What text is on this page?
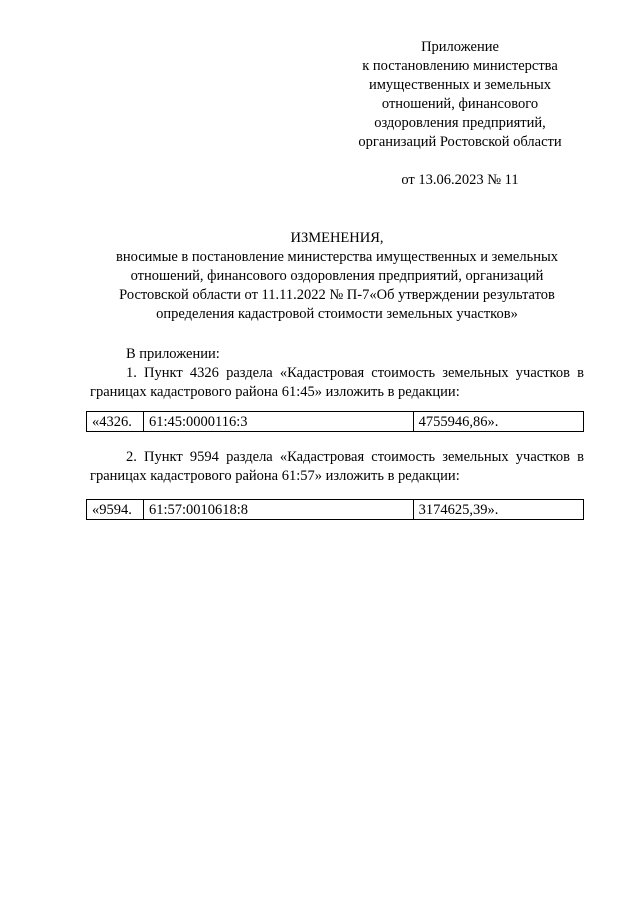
Приложение
к постановлению министерства
имущественных и земельных
отношений, финансового
оздоровления предприятий,
организаций Ростовской области
от 13.06.2023 № 11
ИЗМЕНЕНИЯ,
вносимые в постановление министерства имущественных и земельных
отношений, финансового оздоровления предприятий, организаций
Ростовской области от 11.11.2022 № П-7«Об утверждении результатов
определения кадастровой стоимости земельных участков»
В приложении:
1. Пункт 4326 раздела «Кадастровая стоимость земельных участков в границах кадастрового района 61:45» изложить в редакции:
«4326.	61:45:0000116:3	4755946,86».
2. Пункт 9594 раздела «Кадастровая стоимость земельных участков в границах кадастрового района 61:57» изложить в редакции:
«9594.	61:57:0010618:8	3174625,39».
